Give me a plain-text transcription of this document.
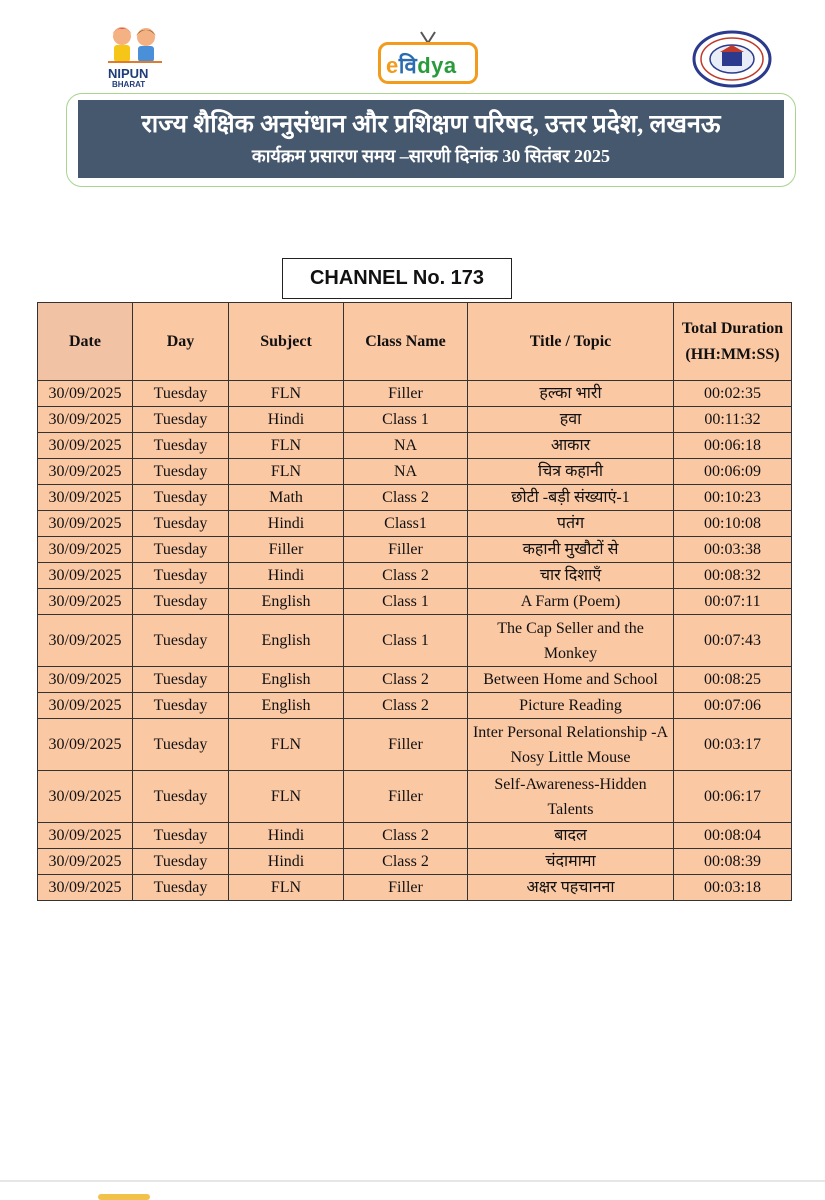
NIPUN
BHARAT
eविdya
राज्य शैक्षिक अनुसंधान और प्रशिक्षण परिषद, उत्तर प्रदेश, लखनऊ
कार्यक्रम प्रसारण समय –सारणी दिनांक 30 सितंबर 2025
CHANNEL No. 173
Date	Day	Subject	Class Name	Title / Topic	Total Duration (HH:MM:SS)
30/09/2025	Tuesday	FLN	Filler	हल्का भारी	00:02:35
30/09/2025	Tuesday	Hindi	Class 1	हवा	00:11:32
30/09/2025	Tuesday	FLN	NA	आकार	00:06:18
30/09/2025	Tuesday	FLN	NA	चित्र कहानी	00:06:09
30/09/2025	Tuesday	Math	Class 2	छोटी -बड़ी संख्याएं-1	00:10:23
30/09/2025	Tuesday	Hindi	Class1	पतंग	00:10:08
30/09/2025	Tuesday	Filler	Filler	कहानी मुखौटों से	00:03:38
30/09/2025	Tuesday	Hindi	Class 2	चार दिशाएँ	00:08:32
30/09/2025	Tuesday	English	Class 1	A Farm (Poem)	00:07:11
30/09/2025	Tuesday	English	Class 1	The Cap Seller and the Monkey	00:07:43
30/09/2025	Tuesday	English	Class 2	Between Home and School	00:08:25
30/09/2025	Tuesday	English	Class 2	Picture Reading	00:07:06
30/09/2025	Tuesday	FLN	Filler	Inter Personal Relationship -A Nosy Little Mouse	00:03:17
30/09/2025	Tuesday	FLN	Filler	Self-Awareness-Hidden Talents	00:06:17
30/09/2025	Tuesday	Hindi	Class 2	बादल	00:08:04
30/09/2025	Tuesday	Hindi	Class 2	चंदामामा	00:08:39
30/09/2025	Tuesday	FLN	Filler	अक्षर पहचानना	00:03:18
